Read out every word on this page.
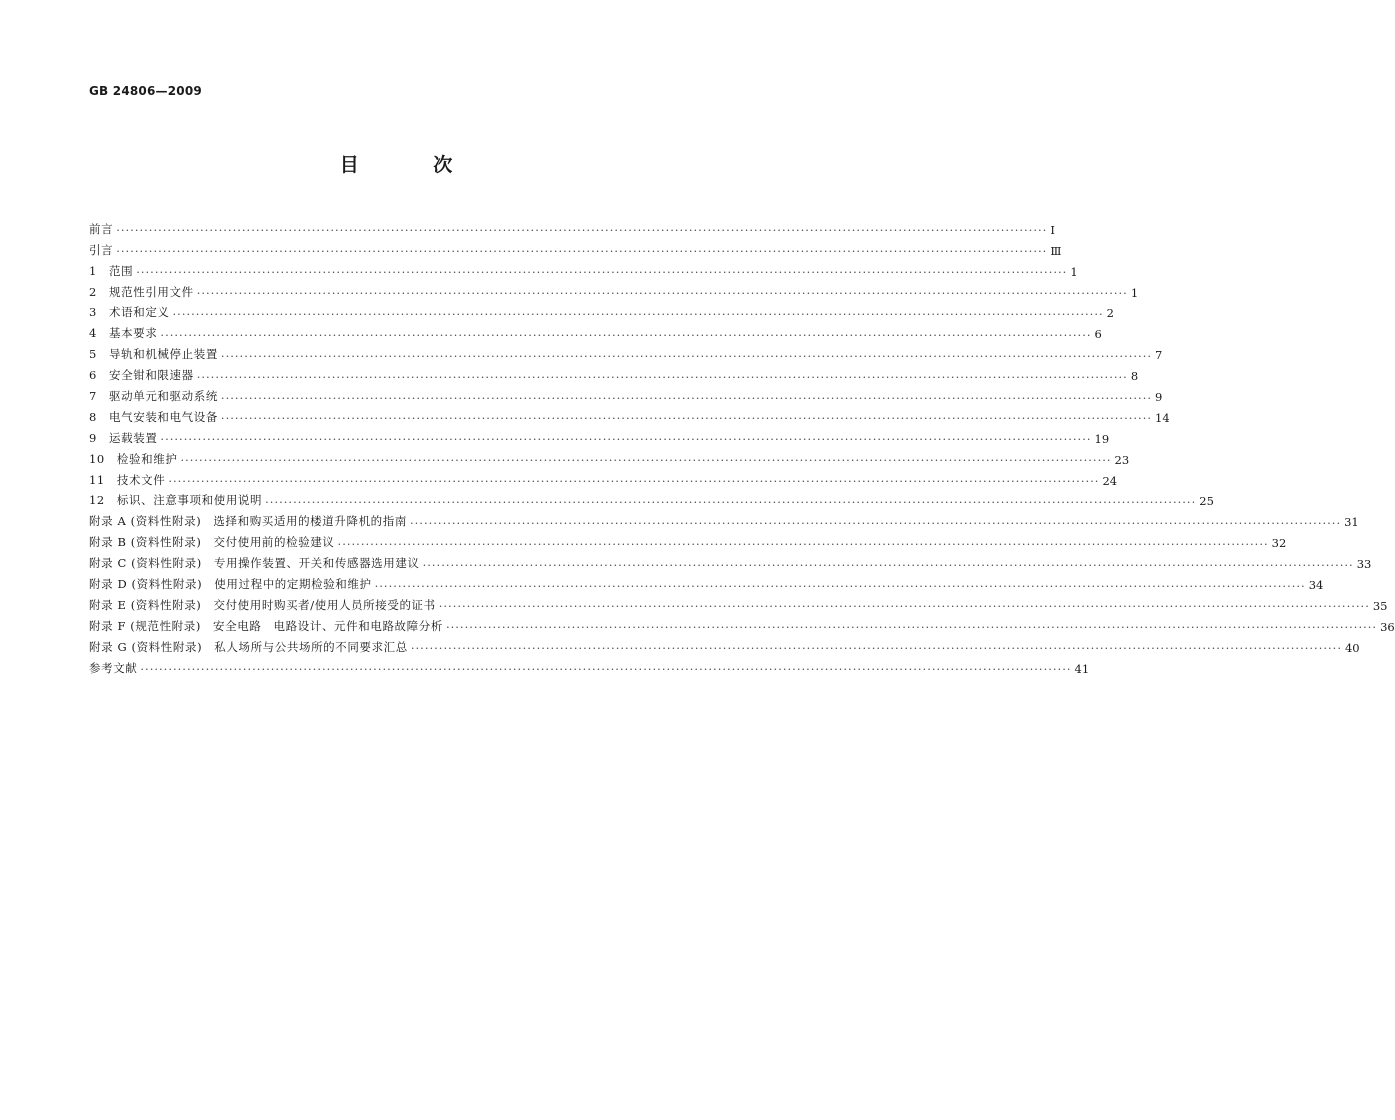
GB 24806—2009
目 次
前言 ········································································································································································································ Ⅰ
引言 ········································································································································································································ Ⅲ
1　范围 ········································································································································································································ 1
2　规范性引用文件 ········································································································································································································ 1
3　术语和定义 ········································································································································································································ 2
4　基本要求 ········································································································································································································ 6
5　导轨和机械停止装置 ········································································································································································································ 7
6　安全钳和限速器 ········································································································································································································ 8
7　驱动单元和驱动系统 ········································································································································································································ 9
8　电气安装和电气设备 ········································································································································································································ 14
9　运载装置 ········································································································································································································ 19
10　检验和维护 ········································································································································································································ 23
11　技术文件 ········································································································································································································ 24
12　标识、注意事项和使用说明 ········································································································································································································ 25
附录 A (资料性附录)　选择和购买适用的楼道升降机的指南 ········································································································································································································ 31
附录 B (资料性附录)　交付使用前的检验建议 ········································································································································································································ 32
附录 C (资料性附录)　专用操作装置、开关和传感器选用建议 ········································································································································································································ 33
附录 D (资料性附录)　使用过程中的定期检验和维护 ········································································································································································································ 34
附录 E (资料性附录)　交付使用时购买者/使用人员所接受的证书 ········································································································································································································ 35
附录 F (规范性附录)　安全电路　电路设计、元件和电路故障分析 ········································································································································································································ 36
附录 G (资料性附录)　私人场所与公共场所的不同要求汇总 ········································································································································································································ 40
参考文献 ········································································································································································································ 41
